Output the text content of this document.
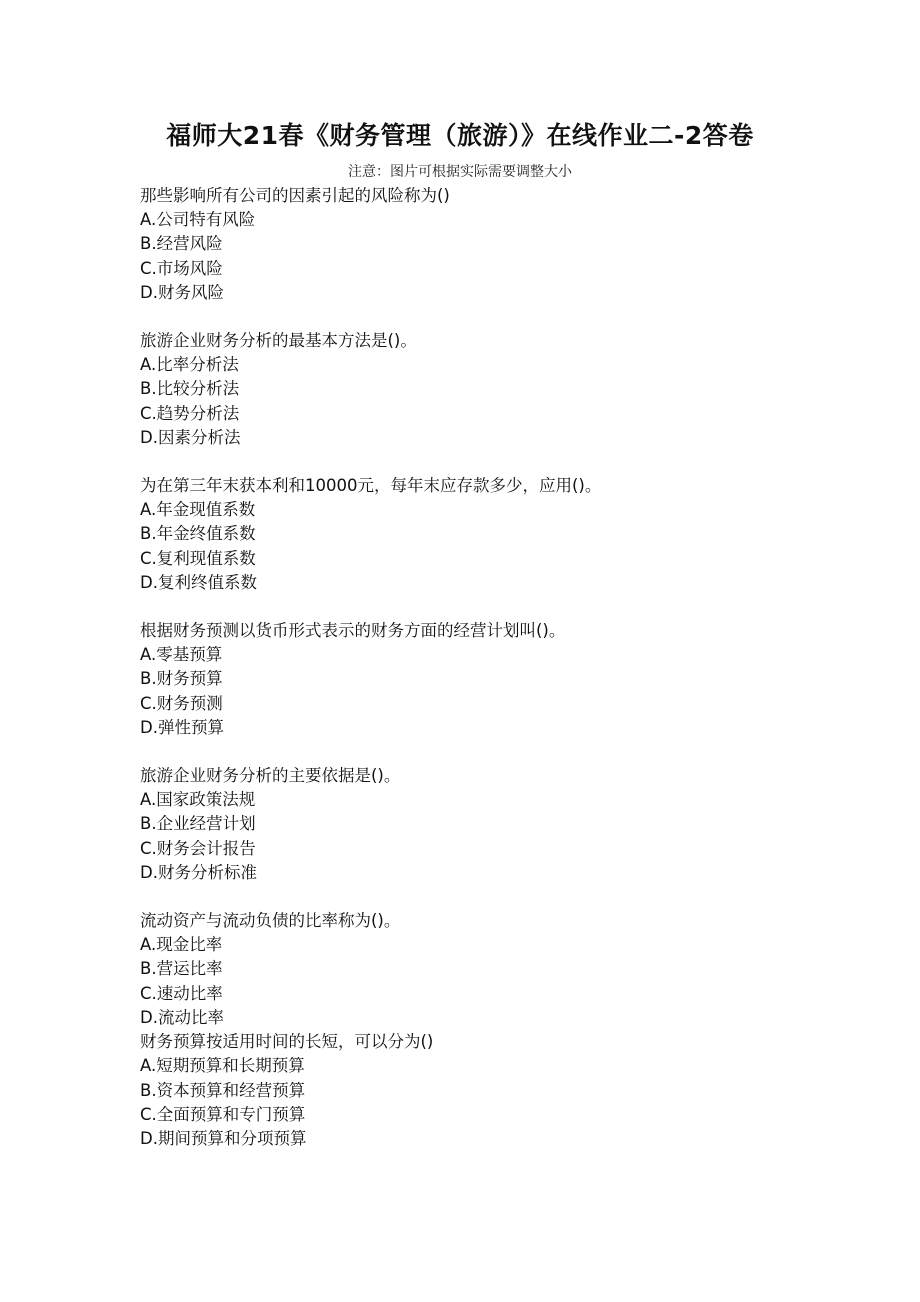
福师大21春《财务管理（旅游）》在线作业二-2答卷
注意：图片可根据实际需要调整大小
那些影响所有公司的因素引起的风险称为()
A.公司特有风险
B.经营风险
C.市场风险
D.财务风险
旅游企业财务分析的最基本方法是()。
A.比率分析法
B.比较分析法
C.趋势分析法
D.因素分析法
为在第三年末获本利和10000元，每年末应存款多少，应用()。
A.年金现值系数
B.年金终值系数
C.复利现值系数
D.复利终值系数
根据财务预测以货币形式表示的财务方面的经营计划叫()。
A.零基预算
B.财务预算
C.财务预测
D.弹性预算
旅游企业财务分析的主要依据是()。
A.国家政策法规
B.企业经营计划
C.财务会计报告
D.财务分析标准
流动资产与流动负债的比率称为()。
A.现金比率
B.营运比率
C.速动比率
D.流动比率
财务预算按适用时间的长短，可以分为()
A.短期预算和长期预算
B.资本预算和经营预算
C.全面预算和专门预算
D.期间预算和分项预算
